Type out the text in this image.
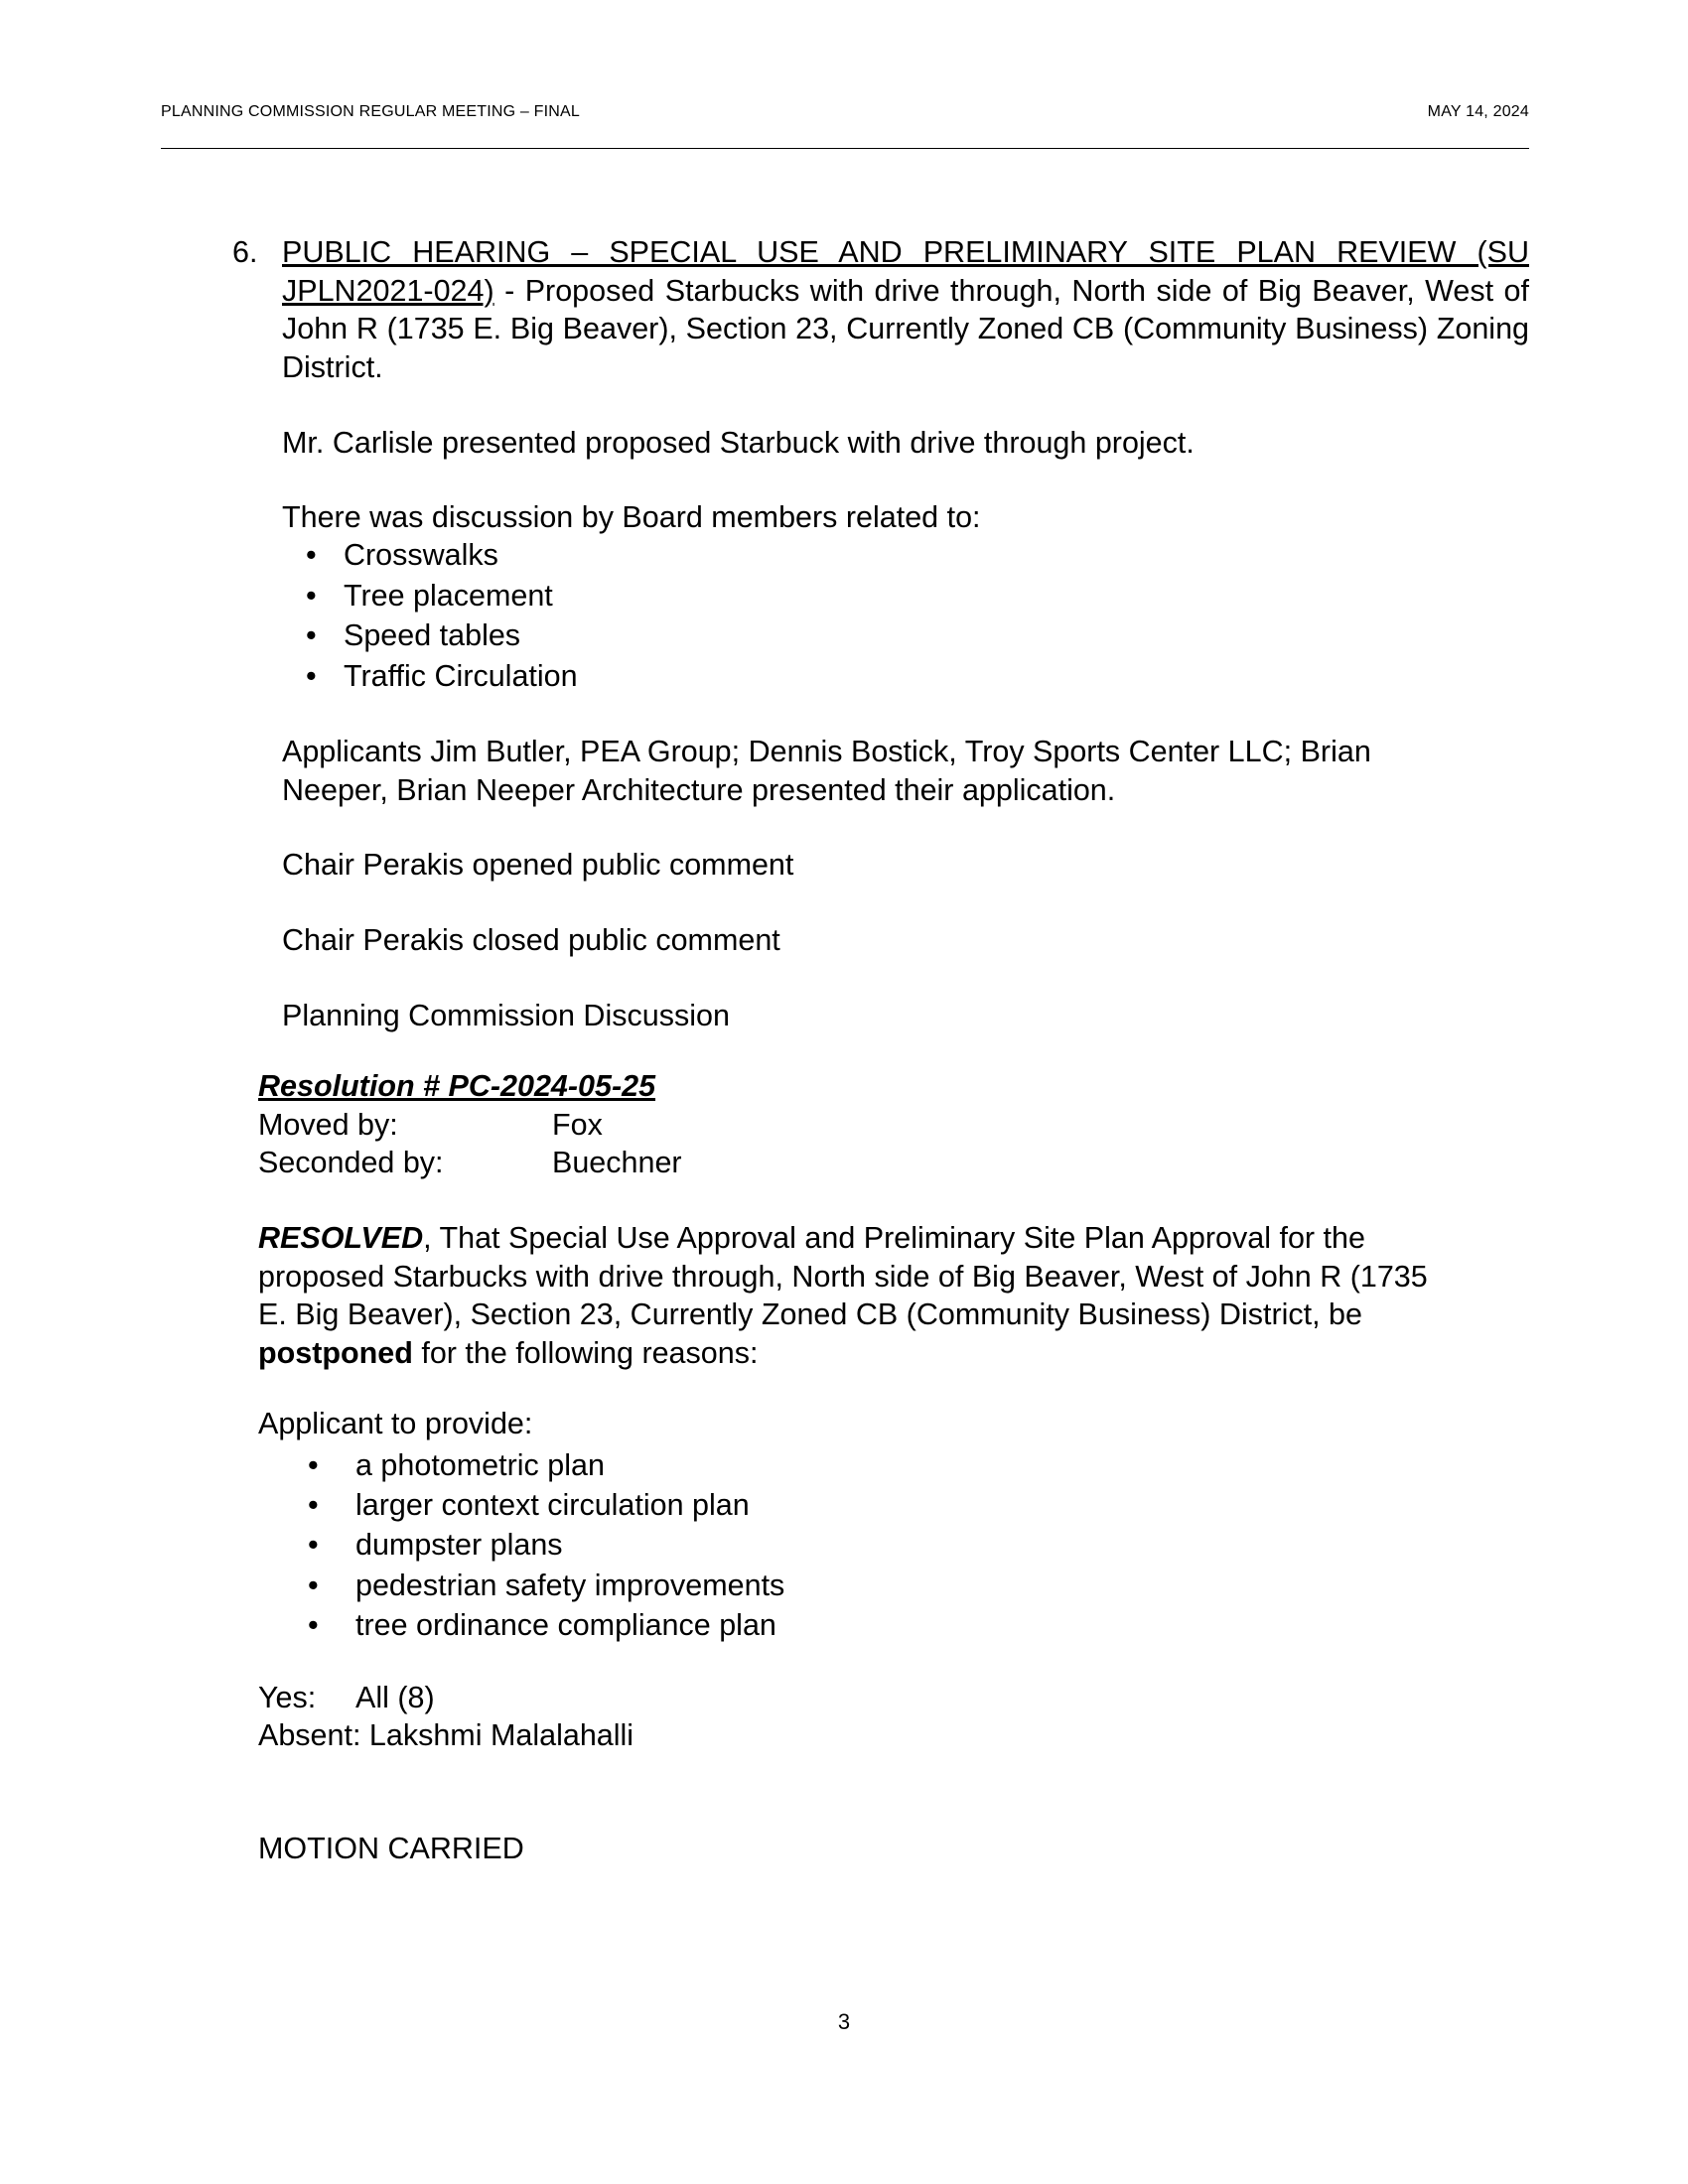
PLANNING COMMISSION REGULAR MEETING – FINAL	MAY 14, 2024
6. PUBLIC HEARING – SPECIAL USE AND PRELIMINARY SITE PLAN REVIEW (SU JPLN2021-024) - Proposed Starbucks with drive through, North side of Big Beaver, West of John R (1735 E. Big Beaver), Section 23, Currently Zoned CB (Community Business) Zoning District.
Mr. Carlisle presented proposed Starbuck with drive through project.
There was discussion by Board members related to:
• Crosswalks
• Tree placement
• Speed tables
• Traffic Circulation
Applicants Jim Butler, PEA Group; Dennis Bostick, Troy Sports Center LLC; Brian
Neeper, Brian Neeper Architecture presented their application.
Chair Perakis opened public comment
Chair Perakis closed public comment
Planning Commission Discussion
Resolution # PC-2024-05-25
Moved by:	Fox
Seconded by:	Buechner
RESOLVED, That Special Use Approval and Preliminary Site Plan Approval for the
proposed Starbucks with drive through, North side of Big Beaver, West of John R (1735
E. Big Beaver), Section 23, Currently Zoned CB (Community Business) District, be
postponed for the following reasons:
Applicant to provide:
• a photometric plan
• larger context circulation plan
• dumpster plans
• pedestrian safety improvements
• tree ordinance compliance plan
Yes: All (8)
Absent: Lakshmi Malalahalli
MOTION CARRIED
3
